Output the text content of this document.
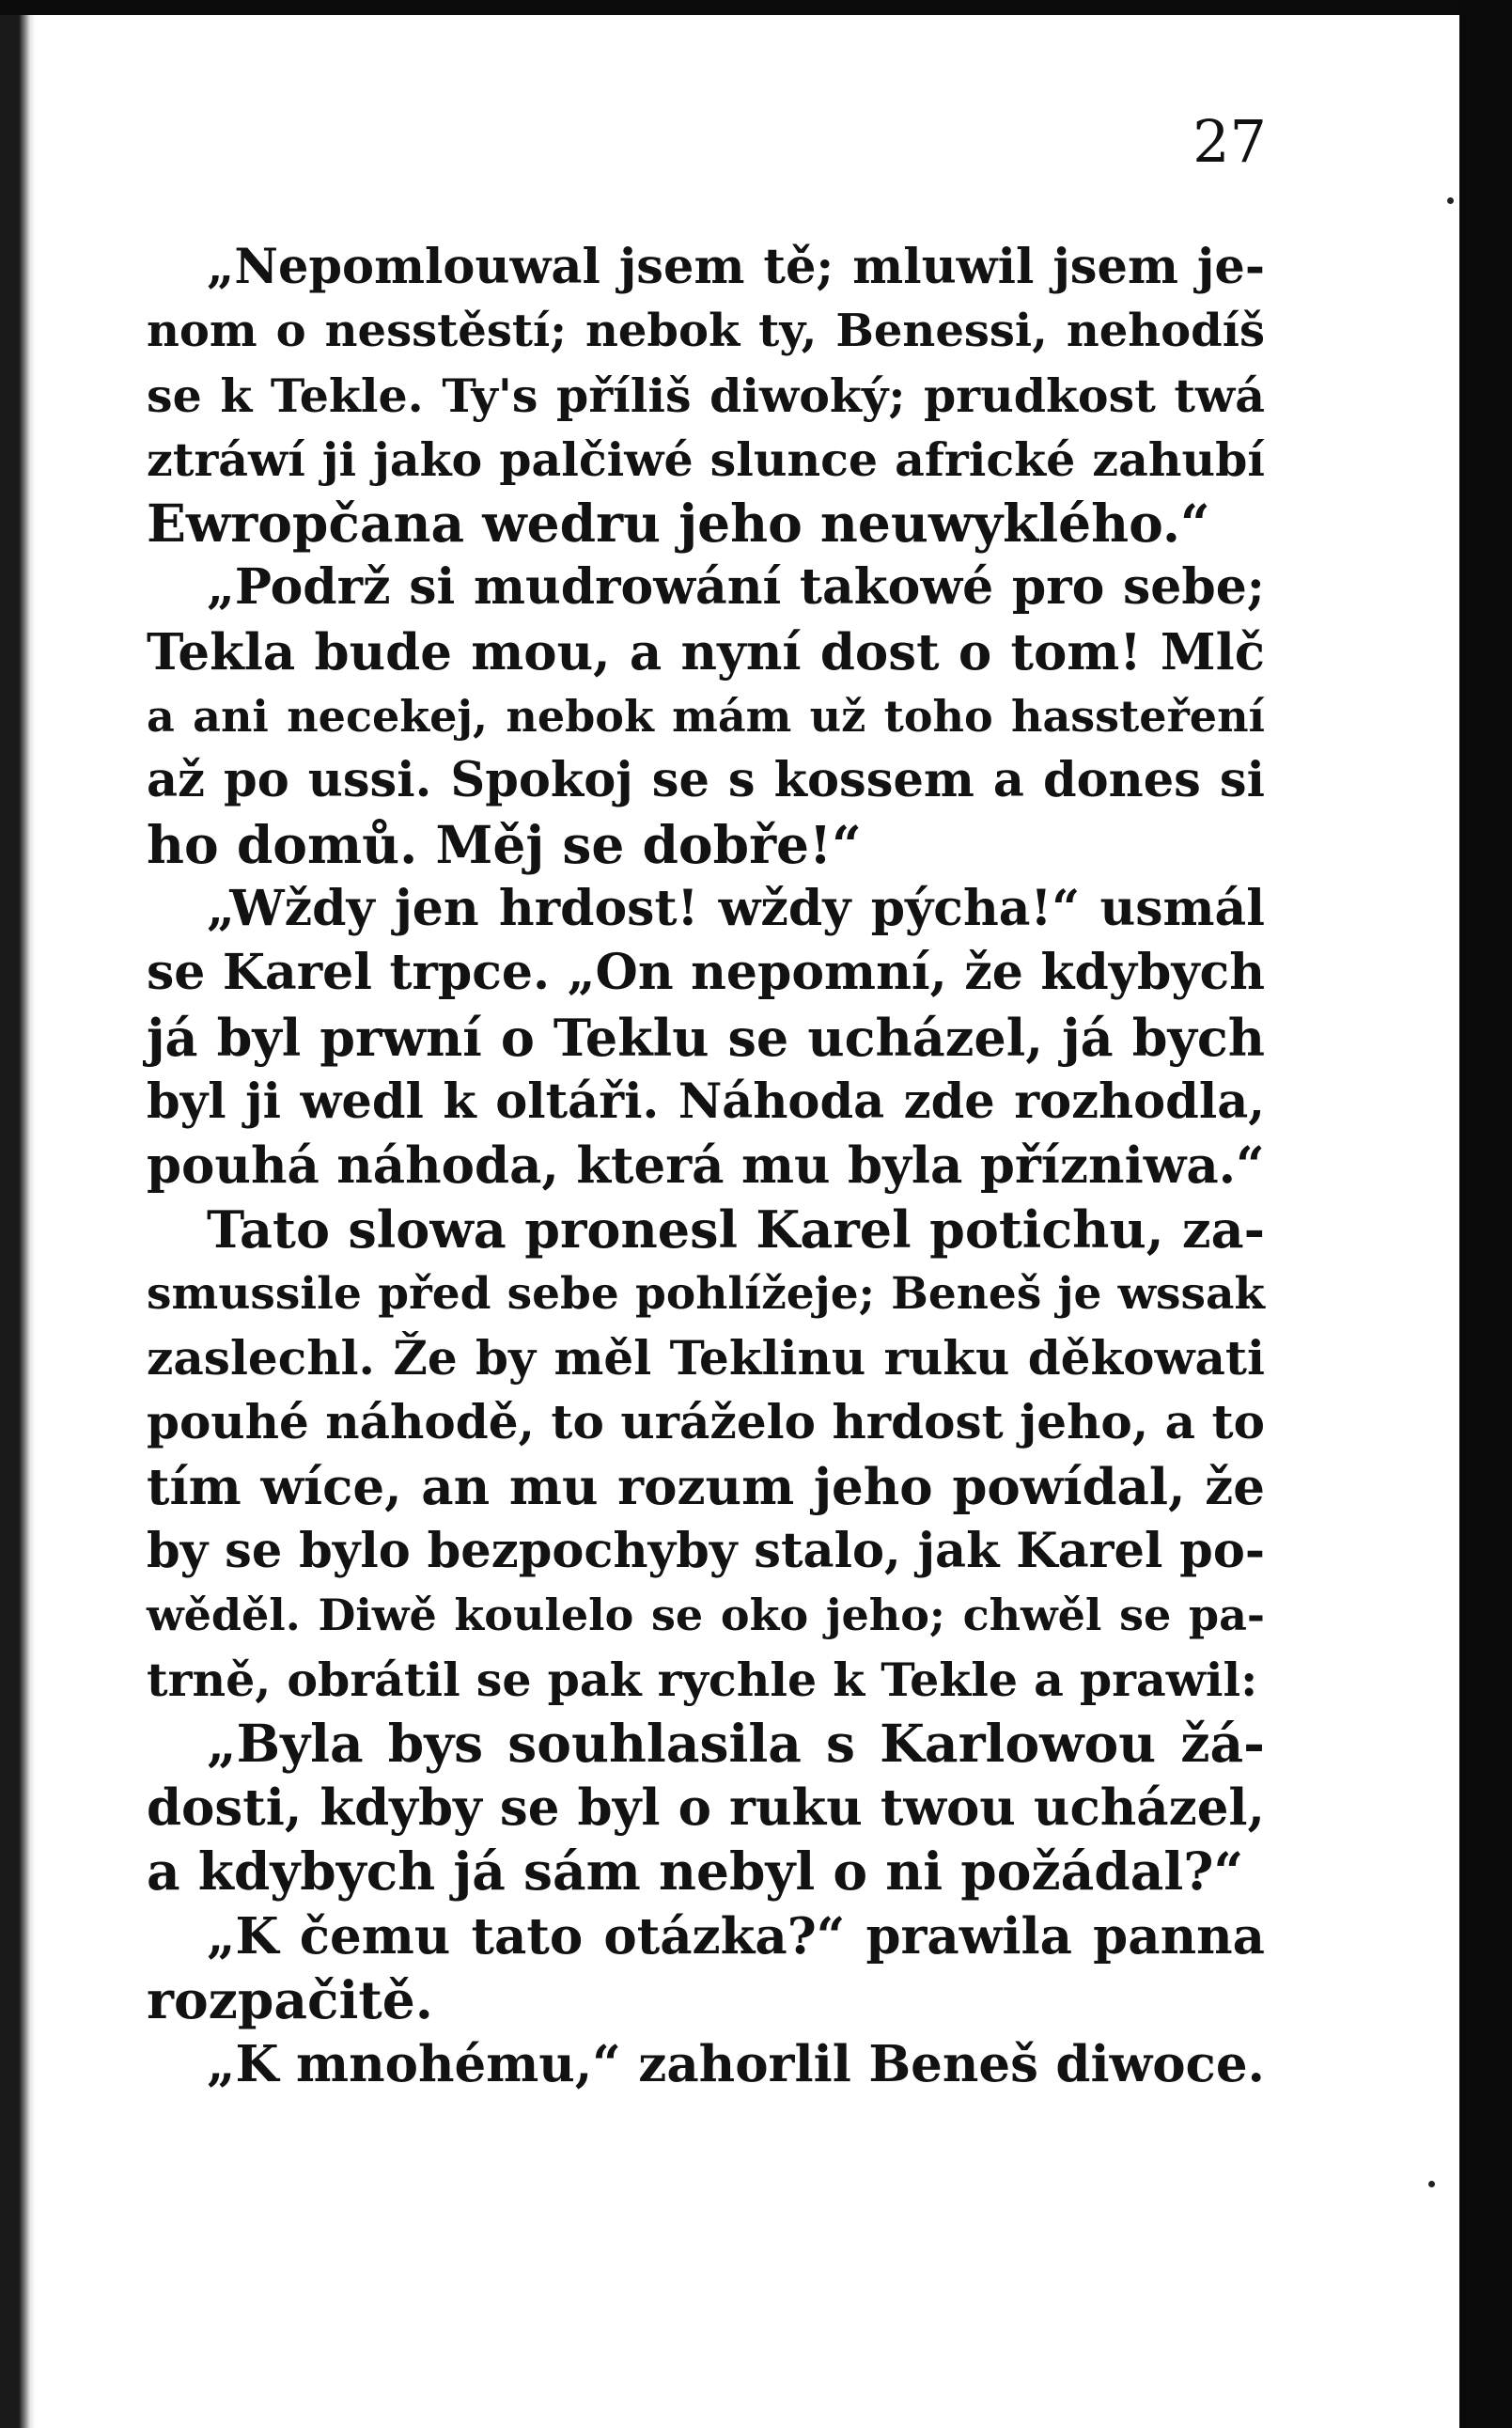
27
„Nepomlouwal jsem tě; mluwil jsem je-
nom o nesstěstí; nebok ty, Benessi, nehodíš
se k Tekle. Ty's příliš diwoký; prudkost twá
ztráwí ji jako palčiwé slunce africké zahubí
Ewropčana wedru jeho neuwyklého.“
„Podrž si mudrowání takowé pro sebe;
Tekla bude mou, a nyní dost o tom! Mlč
a ani necekej, nebok mám už toho hassteření
až po ussi. Spokoj se s kossem a dones si
ho domů. Měj se dobře!“
„Wždy jen hrdost! wždy pýcha!“ usmál
se Karel trpce. „On nepomní, že kdybych
já byl prwní o Teklu se ucházel, já bych
byl ji wedl k oltáři. Náhoda zde rozhodla,
pouhá náhoda, která mu byla přízniwa.“
Tato slowa pronesl Karel potichu, za-
smussile před sebe pohlížeje; Beneš je wssak
zaslechl. Že by měl Teklinu ruku děkowati
pouhé náhodě, to uráželo hrdost jeho, a to
tím wíce, an mu rozum jeho powídal, že
by se bylo bezpochyby stalo, jak Karel po-
wěděl. Diwě koulelo se oko jeho; chwěl se pa-
trně, obrátil se pak rychle k Tekle a prawil:
„Byla bys souhlasila s Karlowou žá-
dosti, kdyby se byl o ruku twou ucházel,
a kdybych já sám nebyl o ni požádal?“
„K čemu tato otázka?“ prawila panna
rozpačitě.
„K mnohému,“ zahorlil Beneš diwoce.
